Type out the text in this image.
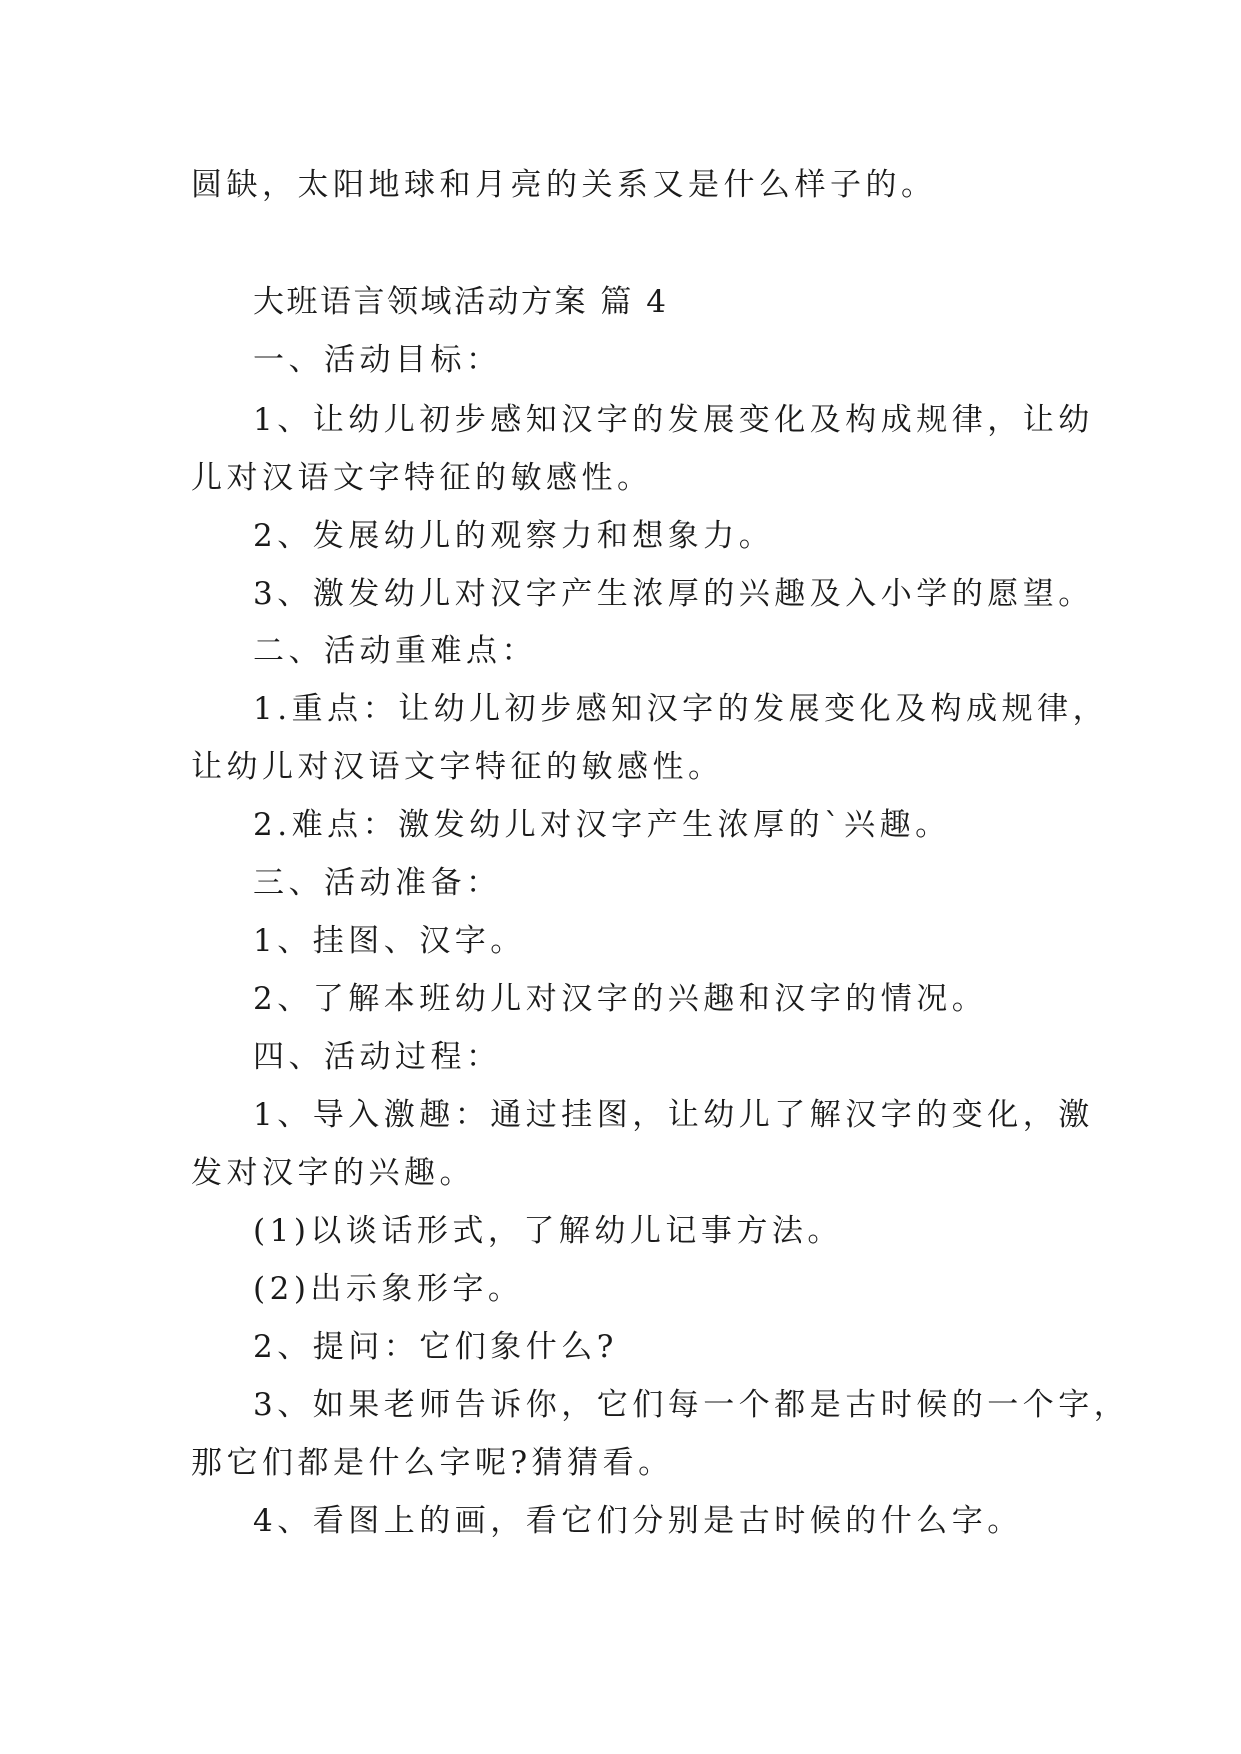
圆缺，太阳地球和月亮的关系又是什么样子的。
大班语言领域活动方案 篇 4
一、活动目标：
1、让幼儿初步感知汉字的发展变化及构成规律，让幼
儿对汉语文字特征的敏感性。
2、发展幼儿的观察力和想象力。
3、激发幼儿对汉字产生浓厚的兴趣及入小学的愿望。
二、活动重难点：
1.重点：让幼儿初步感知汉字的发展变化及构成规律，
让幼儿对汉语文字特征的敏感性。
2.难点：激发幼儿对汉字产生浓厚的`兴趣。
三、活动准备：
1、挂图、汉字。
2、了解本班幼儿对汉字的兴趣和汉字的情况。
四、活动过程：
1、导入激趣：通过挂图，让幼儿了解汉字的变化，激
发对汉字的兴趣。
(1)以谈话形式，了解幼儿记事方法。
(2)出示象形字。
2、提问：它们象什么?
3、如果老师告诉你，它们每一个都是古时候的一个字，
那它们都是什么字呢?猜猜看。
4、看图上的画，看它们分别是古时候的什么字。
